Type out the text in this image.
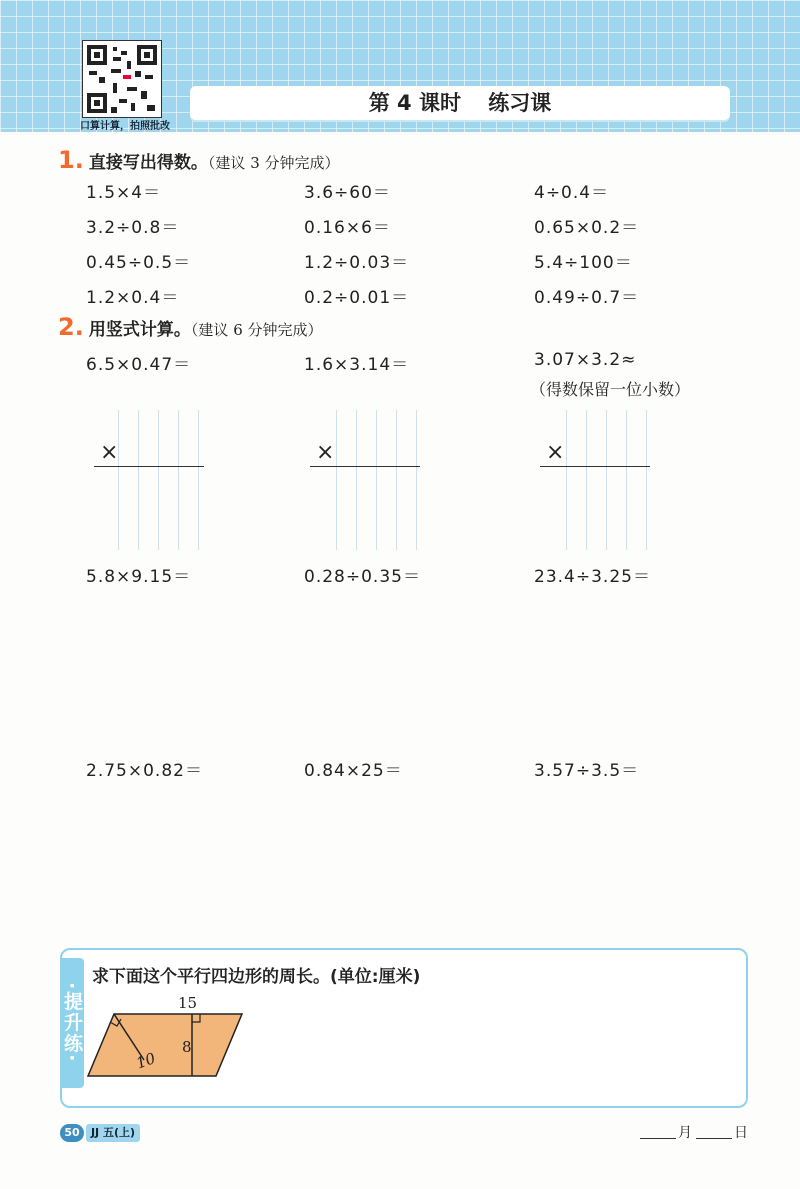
口算计算，拍照批改
第 4 课时 练习课
1. 直接写出得数。（建议 3 分钟完成）
1.5×4＝	3.6÷60＝	4÷0.4＝
3.2÷0.8＝	0.16×6＝	0.65×0.2＝
0.45÷0.5＝	1.2÷0.03＝	5.4÷100＝
1.2×0.4＝	0.2÷0.01＝	0.49÷0.7＝
2. 用竖式计算。（建议 6 分钟完成）
6.5×0.47＝	1.6×3.14＝	3.07×3.2≈
（得数保留一位小数）
×	×	×
5.8×9.15＝	0.28÷0.35＝	23.4÷3.25＝
2.75×0.82＝	0.84×25＝	3.57÷3.5＝
·提升练·
求下面这个平行四边形的周长。(单位:厘米)
15
8
10
50	JJ 五(上)	月	日
